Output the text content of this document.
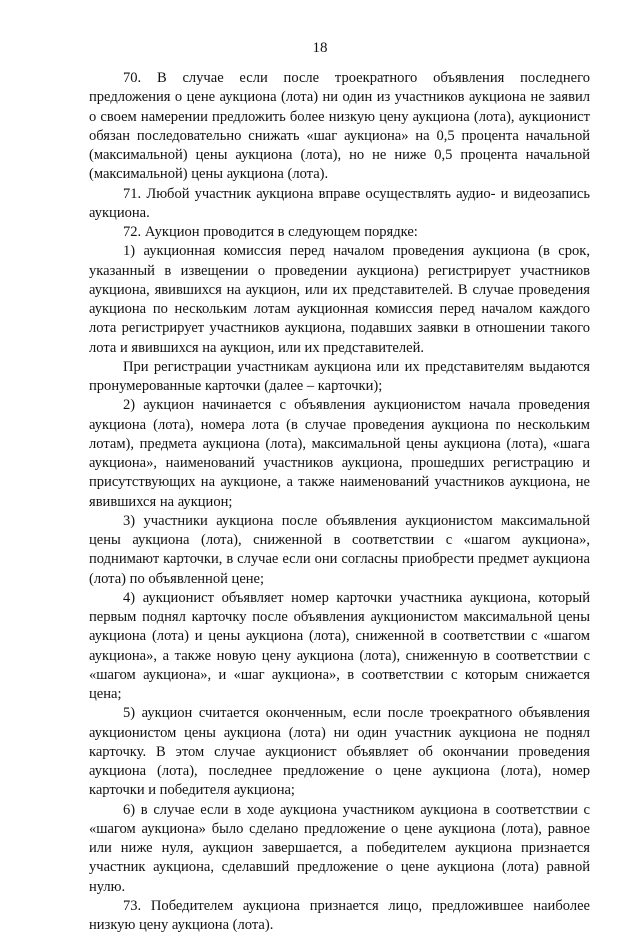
18

70. В случае если после троекратного объявления последнего предложения о цене аукциона (лота) ни один из участников аукциона не заявил о своем намерении предложить более низкую цену аукциона (лота), аукционист обязан последовательно снижать «шаг аукциона» на 0,5 процента начальной (максимальной) цены аукциона (лота), но не ниже 0,5 процента начальной (максимальной) цены аукциона (лота).

71. Любой участник аукциона вправе осуществлять аудио- и видеозапись аукциона.

72. Аукцион проводится в следующем порядке:

1) аукционная комиссия перед началом проведения аукциона (в срок, указанный в извещении о проведении аукциона) регистрирует участников аукциона, явившихся на аукцион, или их представителей. В случае проведения аукциона по нескольким лотам аукционная комиссия перед началом каждого лота регистрирует участников аукциона, подавших заявки в отношении такого лота и явившихся на аукцион, или их представителей.

При регистрации участникам аукциона или их представителям выдаются пронумерованные карточки (далее – карточки);

2) аукцион начинается с объявления аукционистом начала проведения аукциона (лота), номера лота (в случае проведения аукциона по нескольким лотам), предмета аукциона (лота), максимальной цены аукциона (лота), «шага аукциона», наименований участников аукциона, прошедших регистрацию и присутствующих на аукционе, а также наименований участников аукциона, не явившихся на аукцион;

3) участники аукциона после объявления аукционистом максимальной цены аукциона (лота), сниженной в соответствии с «шагом аукциона», поднимают карточки, в случае если они согласны приобрести предмет аукциона (лота) по объявленной цене;

4) аукционист объявляет номер карточки участника аукциона, который первым поднял карточку после объявления аукционистом максимальной цены аукциона (лота) и цены аукциона (лота), сниженной в соответствии с «шагом аукциона», а также новую цену аукциона (лота), сниженную в соответствии с «шагом аукциона», и «шаг аукциона», в соответствии с которым снижается цена;

5) аукцион считается оконченным, если после троекратного объявления аукционистом цены аукциона (лота) ни один участник аукциона не поднял карточку. В этом случае аукционист объявляет об окончании проведения аукциона (лота), последнее предложение о цене аукциона (лота), номер карточки и победителя аукциона;

6) в случае если в ходе аукциона участником аукциона в соответствии с «шагом аукциона» было сделано предложение о цене аукциона (лота), равное или ниже нуля, аукцион завершается, а победителем аукциона признается участник аукциона, сделавший предложение о цене аукциона (лота) равной нулю.

73. Победителем аукциона признается лицо, предложившее наиболее низкую цену аукциона (лота).
